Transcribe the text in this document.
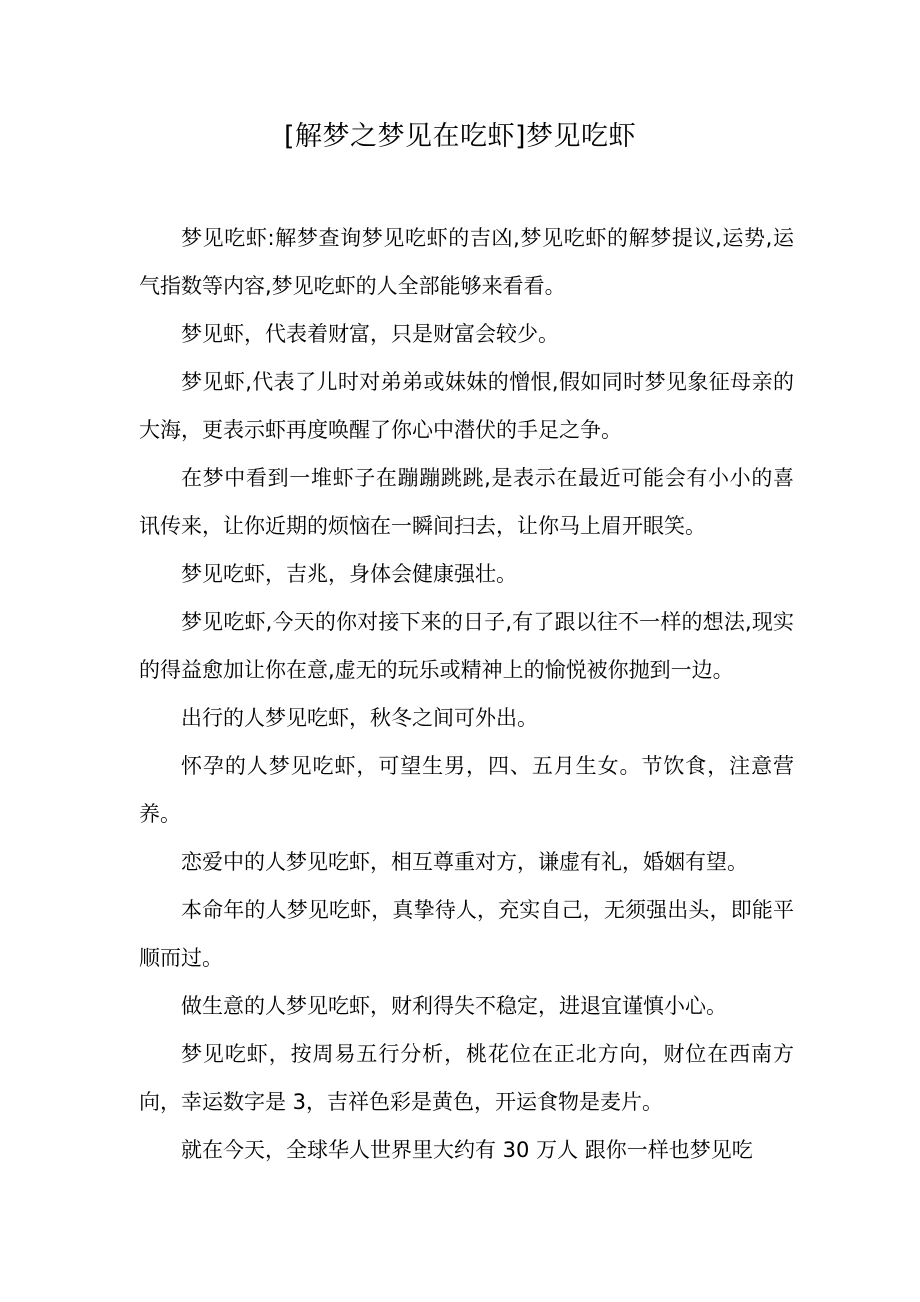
[解梦之梦见在吃虾]梦见吃虾

梦见吃虾:解梦查询梦见吃虾的吉凶,梦见吃虾的解梦提议,运势,运气指数等内容,梦见吃虾的人全部能够来看看。

梦见虾，代表着财富，只是财富会较少。

梦见虾,代表了儿时对弟弟或妹妹的憎恨,假如同时梦见象征母亲的大海，更表示虾再度唤醒了你心中潜伏的手足之争。

在梦中看到一堆虾子在蹦蹦跳跳,是表示在最近可能会有小小的喜讯传来，让你近期的烦恼在一瞬间扫去，让你马上眉开眼笑。

梦见吃虾，吉兆，身体会健康强壮。

梦见吃虾,今天的你对接下来的日子,有了跟以往不一样的想法,现实的得益愈加让你在意,虚无的玩乐或精神上的愉悦被你抛到一边。

出行的人梦见吃虾，秋冬之间可外出。

怀孕的人梦见吃虾，可望生男，四、五月生女。节饮食，注意营养。

恋爱中的人梦见吃虾，相互尊重对方，谦虚有礼，婚姻有望。

本命年的人梦见吃虾，真挚待人，充实自己，无须强出头，即能平顺而过。

做生意的人梦见吃虾，财利得失不稳定，进退宜谨慎小心。

梦见吃虾，按周易五行分析，桃花位在正北方向，财位在西南方向，幸运数字是 3，吉祥色彩是黄色，开运食物是麦片。

就在今天，全球华人世界里大约有 30 万人 跟你一样也梦见吃
